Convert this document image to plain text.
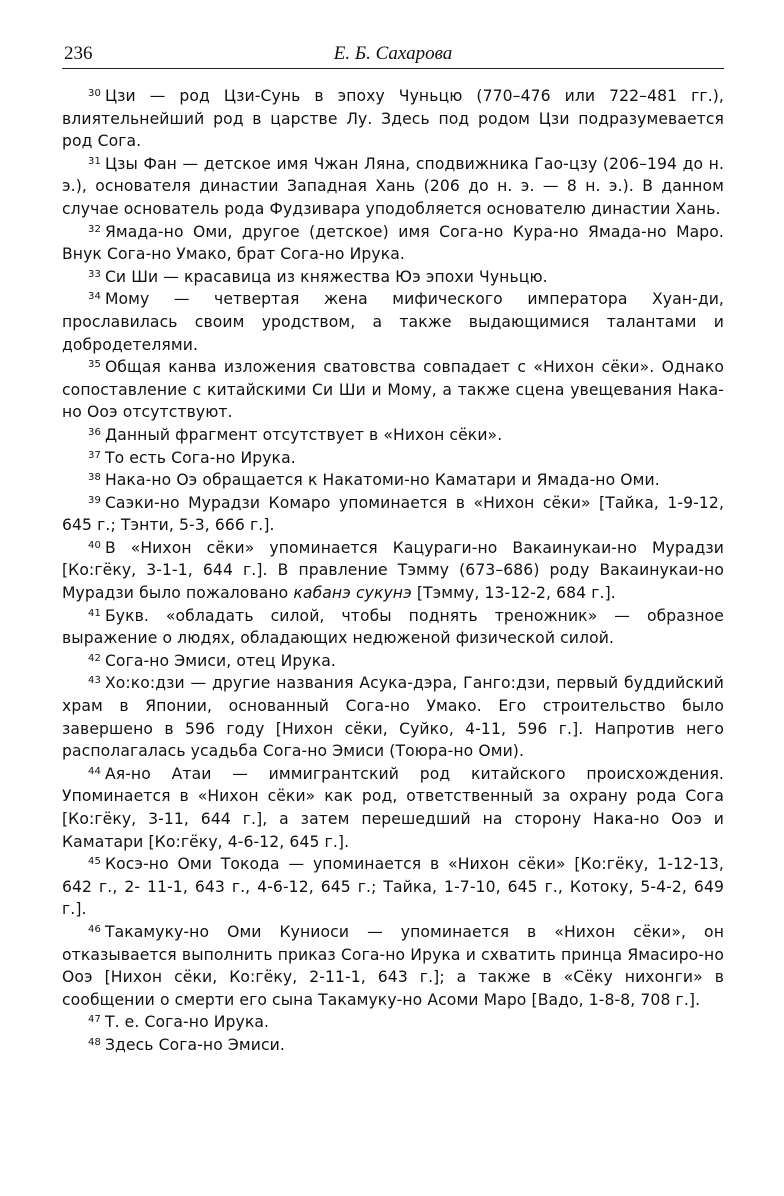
236	Е. Б. Сахарова

$^{30}$ Цзи — род Цзи-Сунь в эпоху Чуньцю (770–476 или 722–481 гг.), влиятельнейший род в царстве Лу. Здесь под родом Цзи подразумевается род Сога.

$^{31}$ Цзы Фан — детское имя Чжан Ляна, сподвижника Гао-цзу (206–194 до н. э.), основателя династии Западная Хань (206 до н. э. — 8 н. э.). В данном случае основатель рода Фудзивара уподобляется основателю династии Хань.

$^{32}$ Ямада-но Оми, другое (детское) имя Сога-но Кура-но Ямада-но Маро. Внук Сога-но Умако, брат Сога-но Ирука.

$^{33}$ Си Ши — красавица из княжества Юэ эпохи Чуньцю.

$^{34}$ Мому — четвертая жена мифического императора Хуан-ди, прославилась своим уродством, а также выдающимися талантами и добродетелями.

$^{35}$ Общая канва изложения сватовства совпадает с «Нихон сёки». Однако сопоставление с китайскими Си Ши и Мому, а также сцена увещевания Нака-но Ооэ отсутствуют.

$^{36}$ Данный фрагмент отсутствует в «Нихон сёки».

$^{37}$ То есть Сога-но Ирука.

$^{38}$ Нака-но Оэ обращается к Накатоми-но Каматари и Ямада-но Оми.

$^{39}$ Саэки-но Мурадзи Комаро упоминается в «Нихон сёки» [Тайка, 1-9-12, 645 г.; Тэнти, 5-3, 666 г.].

$^{40}$ В «Нихон сёки» упоминается Кацураги-но Вакаинукаи-но Мурадзи [Ко:гёку, 3-1-1, 644 г.]. В правление Тэмму (673–686) роду Вакаинукаи-но Мурадзи было пожаловано кабанэ сукунэ [Тэмму, 13-12-2, 684 г.].

$^{41}$ Букв. «обладать силой, чтобы поднять треножник» — образное выражение о людях, обладающих недюженой физической силой.

$^{42}$ Сога-но Эмиси, отец Ирука.

$^{43}$ Хо:ко:дзи — другие названия Асука-дэра, Ганго:дзи, первый буддийский храм в Японии, основанный Сога-но Умако. Его строительство было завершено в 596 году [Нихон сёки, Суйко, 4-11, 596 г.]. Напротив него располагалась усадьба Сога-но Эмиси (Тоюра-но Оми).

$^{44}$ Ая-но Атаи — иммигрантский род китайского происхождения. Упоминается в «Нихон сёки» как род, ответственный за охрану рода Сога [Ко:гёку, 3-11, 644 г.], а затем перешедший на сторону Нака-но Ооэ и Каматари [Ко:гёку, 4-6-12, 645 г.].

$^{45}$ Косэ-но Оми Токода — упоминается в «Нихон сёки» [Ко:гёку, 1-12-13, 642 г., 2- 11-1, 643 г., 4-6-12, 645 г.; Тайка, 1-7-10, 645 г., Котоку, 5-4-2, 649 г.].

$^{46}$ Такамуку-но Оми Куниоси — упоминается в «Нихон сёки», он отказывается выполнить приказ Сога-но Ирука и схватить принца Ямасиро-но Ооэ [Нихон сёки, Ко:гёку, 2-11-1, 643 г.]; а также в «Сёку нихонги» в сообщении о смерти его сына Такамуку-но Асоми Маро [Вадо, 1-8-8, 708 г.].

$^{47}$ Т. е. Сога-но Ирука.

$^{48}$ Здесь Сога-но Эмиси.
